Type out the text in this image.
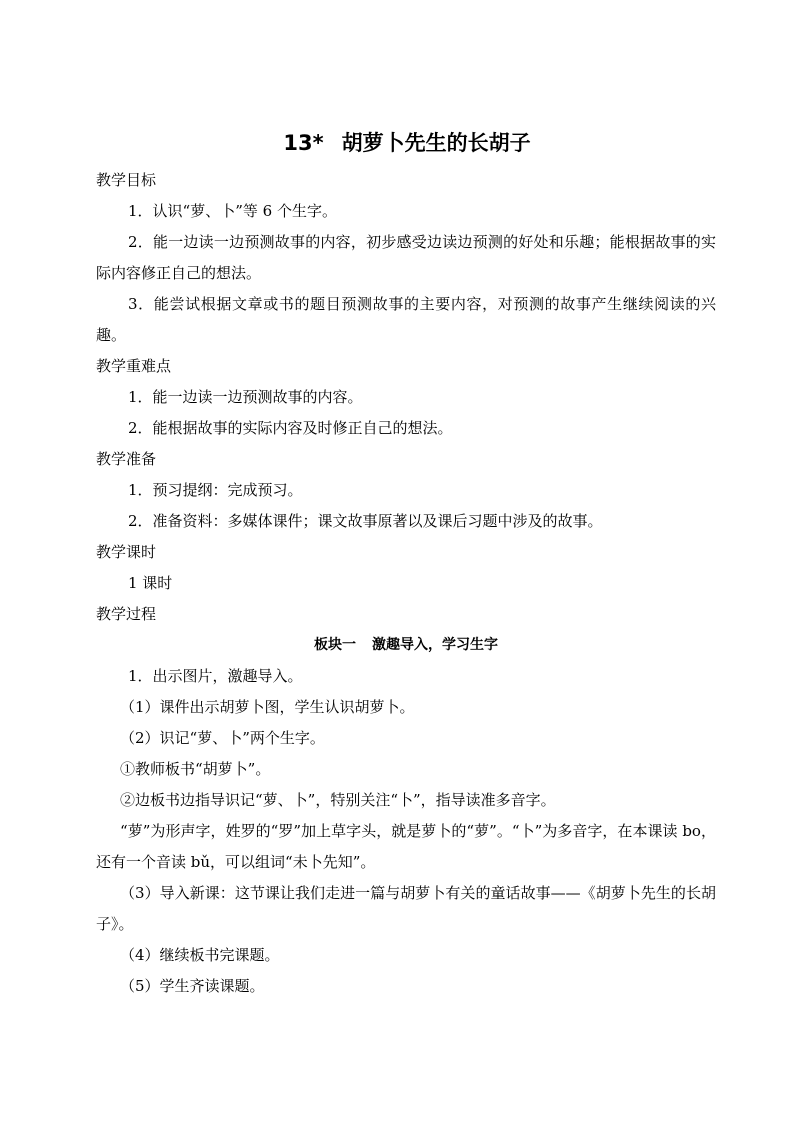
13* 胡萝卜先生的长胡子

教学目标

1．认识“萝、卜”等 6 个生字。

2．能一边读一边预测故事的内容，初步感受边读边预测的好处和乐趣；能根据故事的实际内容修正自己的想法。

3．能尝试根据文章或书的题目预测故事的主要内容，对预测的故事产生继续阅读的兴趣。

教学重难点

1．能一边读一边预测故事的内容。

2．能根据故事的实际内容及时修正自己的想法。

教学准备

1．预习提纲：完成预习。

2．准备资料：多媒体课件；课文故事原著以及课后习题中涉及的故事。

教学课时

1 课时

教学过程

板块一 激趣导入，学习生字

1．出示图片，激趣导入。

（1）课件出示胡萝卜图，学生认识胡萝卜。

（2）识记“萝、卜”两个生字。

①教师板书“胡萝卜”。

②边板书边指导识记“萝、卜”，特别关注“卜”，指导读准多音字。

“萝”为形声字，姓罗的“罗”加上草字头，就是萝卜的“萝”。“卜”为多音字，在本课读 bo，还有一个音读 bǔ，可以组词“未卜先知”。

（3）导入新课：这节课让我们走进一篇与胡萝卜有关的童话故事——《胡萝卜先生的长胡子》。

（4）继续板书完课题。

（5）学生齐读课题。
